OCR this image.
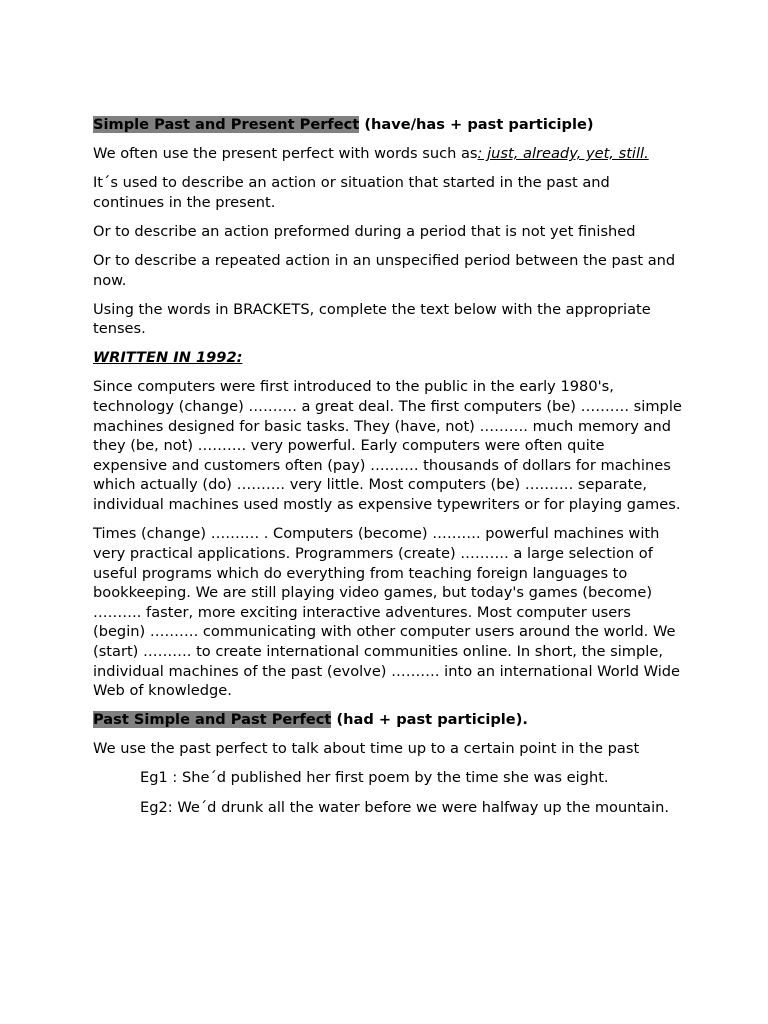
Simple Past and Present Perfect (have/has + past participle)

We often use the present perfect with words such as: just, already, yet, still.

It´s used to describe an action or situation that started in the past and continues in the present.

Or to describe an action preformed during a period that is not yet finished

Or to describe a repeated action in an unspecified period between the past and now.

Using the words in BRACKETS, complete the text below with the appropriate tenses.

WRITTEN IN 1992:

Since computers were first introduced to the public in the early 1980's, technology (change) ………. a great deal. The first computers (be) ………. simple machines designed for basic tasks. They (have, not) ………. much memory and they (be, not) ………. very powerful. Early computers were often quite expensive and customers often (pay) ………. thousands of dollars for machines which actually (do) ………. very little. Most computers (be) ………. separate, individual machines used mostly as expensive typewriters or for playing games.

Times (change) ………. . Computers (become) ………. powerful machines with very practical applications. Programmers (create) ………. a large selection of useful programs which do everything from teaching foreign languages to bookkeeping. We are still playing video games, but today's games (become) ………. faster, more exciting interactive adventures. Most computer users (begin) ………. communicating with other computer users around the world. We (start) ………. to create international communities online. In short, the simple, individual machines of the past (evolve) ………. into an international World Wide Web of knowledge.

Past Simple and Past Perfect (had + past participle).

We use the past perfect to talk about time up to a certain point in the past

Eg1 : She´d published her first poem by the time she was eight.

Eg2: We´d drunk all the water before we were halfway up the mountain.
